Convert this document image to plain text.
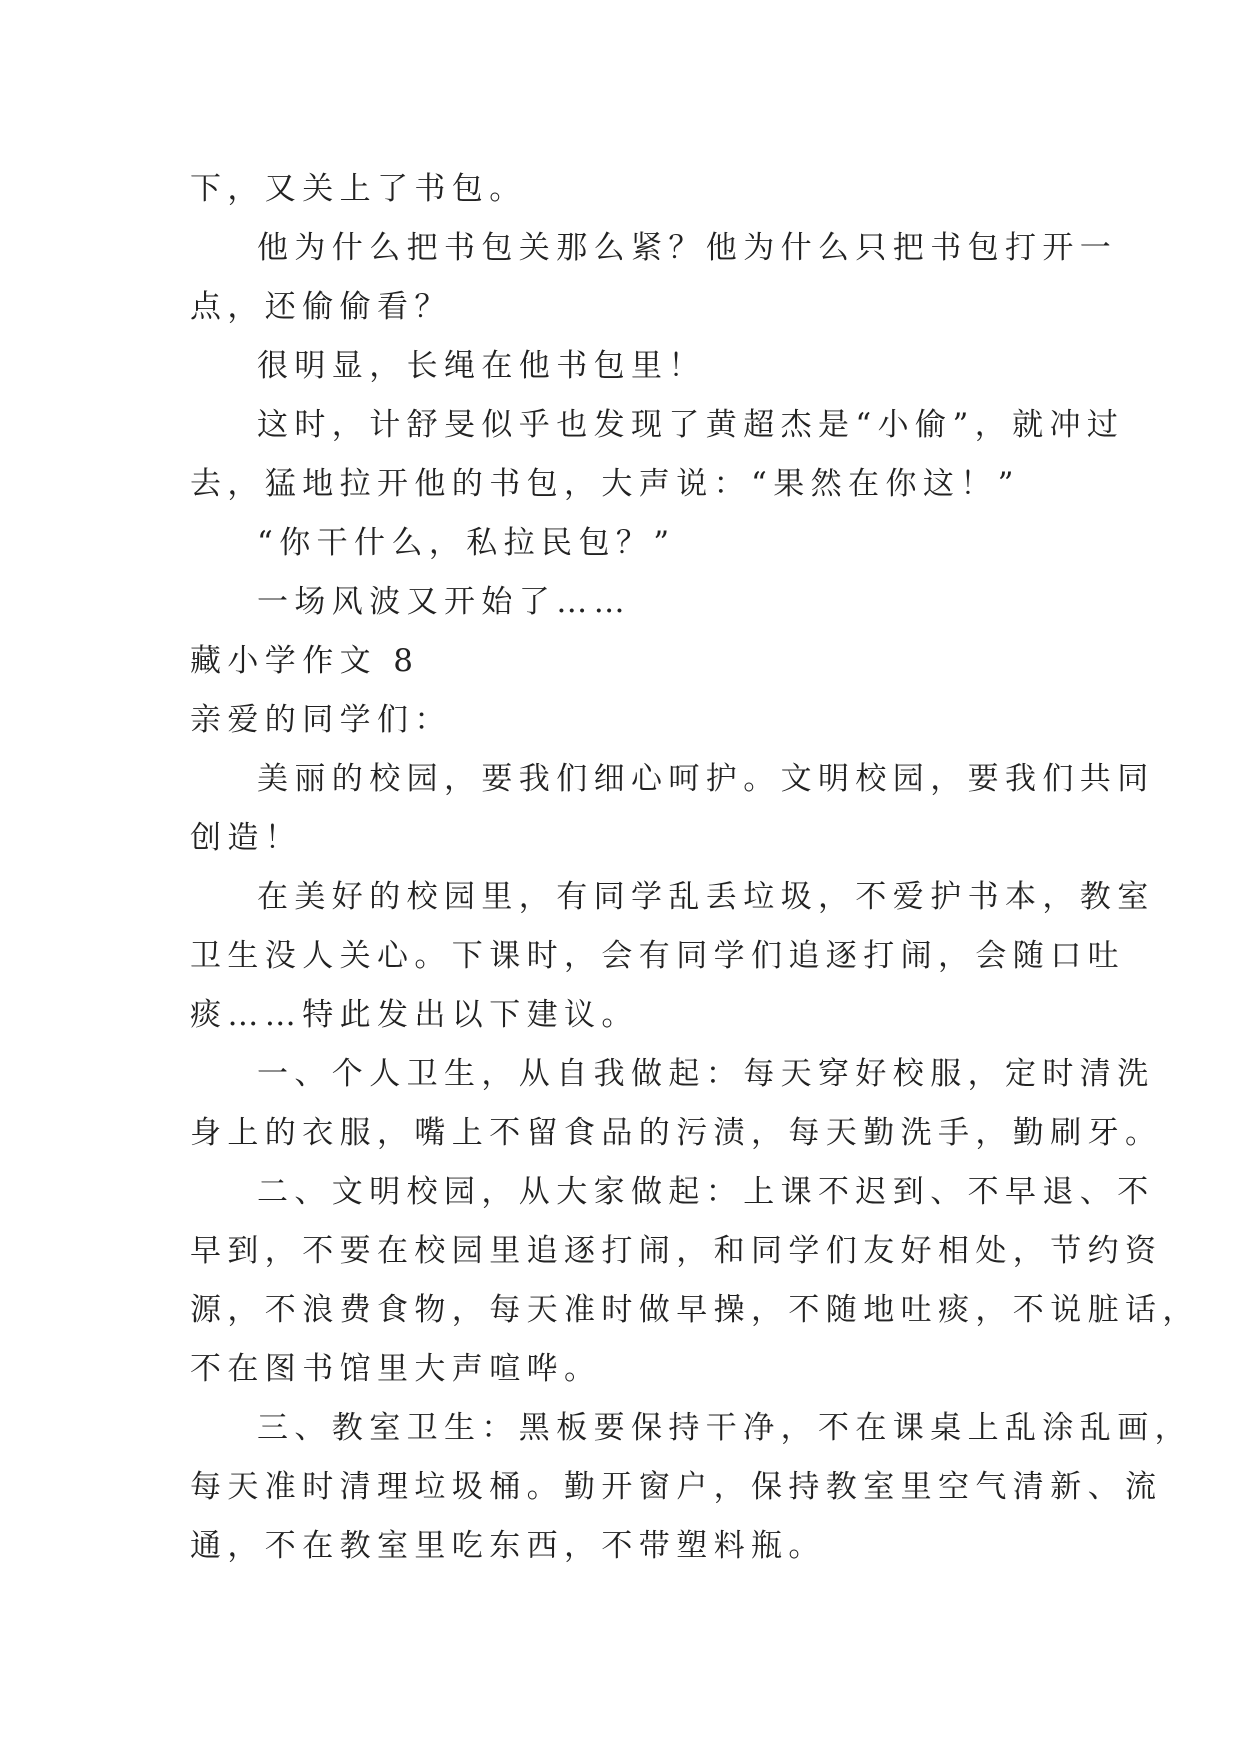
下，又关上了书包。

他为什么把书包关那么紧？他为什么只把书包打开一

点，还偷偷看？

很明显，长绳在他书包里！

这时，计舒旻似乎也发现了黄超杰是“小偷”，就冲过

去，猛地拉开他的书包，大声说：“果然在你这！”

“你干什么，私拉民包？”

一场风波又开始了……

藏小学作文 8

亲爱的同学们：

美丽的校园，要我们细心呵护。文明校园，要我们共同

创造！

在美好的校园里，有同学乱丢垃圾，不爱护书本，教室

卫生没人关心。下课时，会有同学们追逐打闹，会随口吐

痰……特此发出以下建议。

一、个人卫生，从自我做起：每天穿好校服，定时清洗

身上的衣服，嘴上不留食品的污渍，每天勤洗手，勤刷牙。

二、文明校园，从大家做起：上课不迟到、不早退、不

早到，不要在校园里追逐打闹，和同学们友好相处，节约资

源，不浪费食物，每天准时做早操，不随地吐痰，不说脏话，

不在图书馆里大声喧哗。

三、教室卫生：黑板要保持干净，不在课桌上乱涂乱画，

每天准时清理垃圾桶。勤开窗户，保持教室里空气清新、流

通，不在教室里吃东西，不带塑料瓶。
